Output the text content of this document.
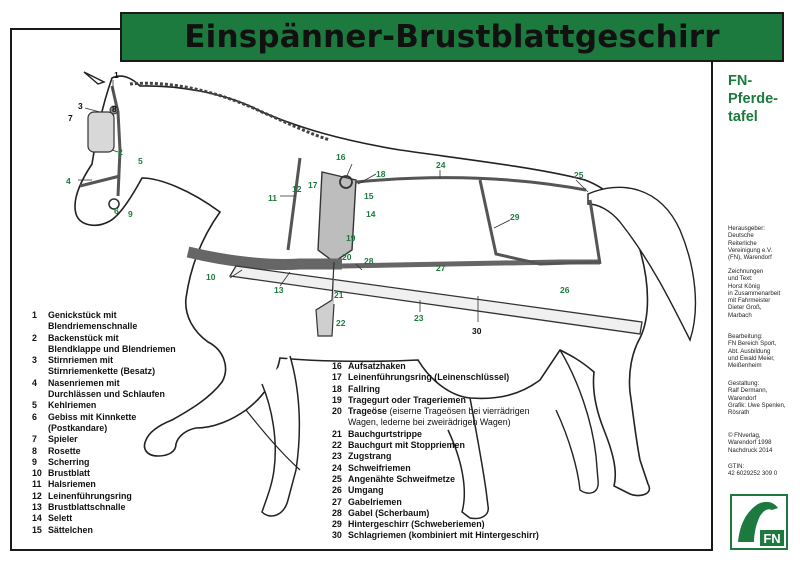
Einspänner-Brustblattgeschirr
1
3	8
7
2
5
4
6 9
11
12
16
18
17
15
14
19
20
24
25
29
10
28
27
13	21	26
23
22
30
1	Genickstück mit
Blendriemenschnalle
2	Backenstück mit
Blendklappe und Blendriemen
3	Stirnriemen mit
Stirnriemenkette (Besatz)
4	Nasenriemen mit
Durchlässen und Schlaufen
5	Kehlriemen
6	Gebiss mit Kinnkette
(Postkandare)
7	Spieler
8	Rosette
9	Scherring
10 Brustblatt
11 Halsriemen
12 Leinenführungsring
13 Brustblattschnalle
14 Selett
15 Sättelchen
16 Aufsatzhaken
17 Leinenführungsring (Leinenschlüssel)
18 Fallring
19 Tragegurt oder Trageriemen
20 Trageöse (eiserne Trageösen bei vierrädrigen
Wagen, lederne bei zweirädrigen Wagen)
21 Bauchgurtstrippe
22 Bauchgurt mit Stoppriemen
23 Zugstrang
24 Schweifriemen
25 Angenähte Schweifmetze
26 Umgang
27 Gabelriemen
28 Gabel (Scherbaum)
29 Hintergeschirr (Schweberiemen)
30 Schlagriemen (kombiniert mit Hintergeschirr)
FN-
Pferde-
tafel
Herausgeber:
Deutsche
Reiterliche
Vereinigung e.V.
(FN), Warendorf
Zeichnungen
und Text:
Horst König
in Zusammenarbeit
mit Fahrmeister
Dieter Groß,
Marbach
Bearbeitung:
FN Bereich Sport,
Abt. Ausbildung
und Ewald Meier,
Meißenheim
Gestaltung:
Ralf Dermann,
Warendorf
Grafik: Uwe Spenlen,
Rösrath
© FNverlag,
Warendorf 1998
Nachdruck 2014
GTIN:
42 6029252 309 0
FN
